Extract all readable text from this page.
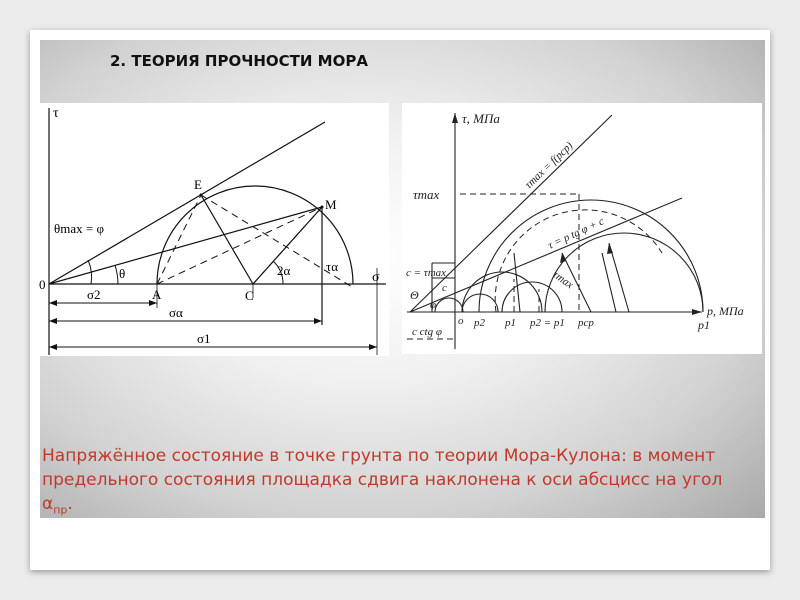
2. ТЕОРИЯ ПРОЧНОСТИ МОРА
τ
0
E
M
A	C
θmax = φ
θ	2α	τα
σ
σ2
σα
σ1
τ, МПа
p, МПа
τmax = f(pcp)
τmax
τ = p tg φ + c
τmax
c = τmax
c
Θ
φ
c ctg φ
o p2 p1 p2 = p1 pcp	p1
Напряжённое состояние в точке грунта по теории Мора-Кулона: в момент предельного состояния площадка сдвига наклонена к оси абсцисс на угол $\alpha_{пр}$.
